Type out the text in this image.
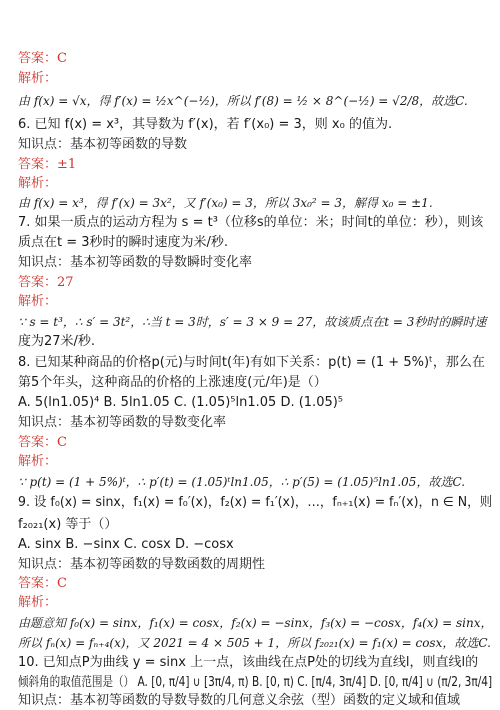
答案：C
解析：
由 f(x) = √x，得 f′(x) = ½x^(−½)，所以 f′(8) = ½ × 8^(−½) = √2/8，故选C.
6. 已知 f(x) = x³，其导数为 f′(x)，若 f′(x₀) = 3，则 x₀ 的值为.
知识点：基本初等函数的导数
答案：±1
解析：
由 f(x) = x³，得 f′(x) = 3x²，又 f′(x₀) = 3，所以 3x₀² = 3，解得 x₀ = ±1.
7. 如果一质点的运动方程为 s = t³（位移s的单位：米；时间t的单位：秒），则该
质点在t = 3秒时的瞬时速度为米/秒.
知识点：基本初等函数的导数瞬时变化率
答案：27
解析：
∵ s = t³，∴ s′ = 3t²，∴当 t = 3时，s′ = 3 × 9 = 27，故该质点在t = 3秒时的瞬时速
度为27米/秒.
8. 已知某种商品的价格p(元)与时间t(年)有如下关系：p(t) = (1 + 5%)ᵗ，那么在
第5个年头，这种商品的价格的上涨速度(元/年)是（）
A. 5(ln1.05)⁴ B. 5ln1.05 C. (1.05)⁵ln1.05 D. (1.05)⁵
知识点：基本初等函数的导数变化率
答案：C
解析：
∵ p(t) = (1 + 5%)ᵗ，∴ p′(t) = (1.05)ᵗln1.05，∴ p′(5) = (1.05)⁵ln1.05，故选C.
9. 设 f₀(x) = sinx，f₁(x) = f₀′(x)，f₂(x) = f₁′(x)，…，fₙ₊₁(x) = fₙ′(x)，n ∈ N，则
f₂₀₂₁(x) 等于（）
A. sinx B. −sinx C. cosx D. −cosx
知识点：基本初等函数的导数函数的周期性
答案：C
解析：
由题意知 f₀(x) = sinx，f₁(x) = cosx，f₂(x) = −sinx，f₃(x) = −cosx，f₄(x) = sinx，
所以 fₙ(x) = fₙ₊₄(x)，又 2021 = 4 × 505 + 1，所以 f₂₀₂₁(x) = f₁(x) = cosx，故选C.
10. 已知点P为曲线 y = sinx 上一点，该曲线在点P处的切线为直线l，则直线l的
倾斜角的取值范围是（） A. [0, π/4] ∪ [3π/4, π) B. [0, π) C. [π/4, 3π/4] D. [0, π/4] ∪ (π/2, 3π/4]
知识点：基本初等函数的导数导数的几何意义余弦（型）函数的定义域和值域
